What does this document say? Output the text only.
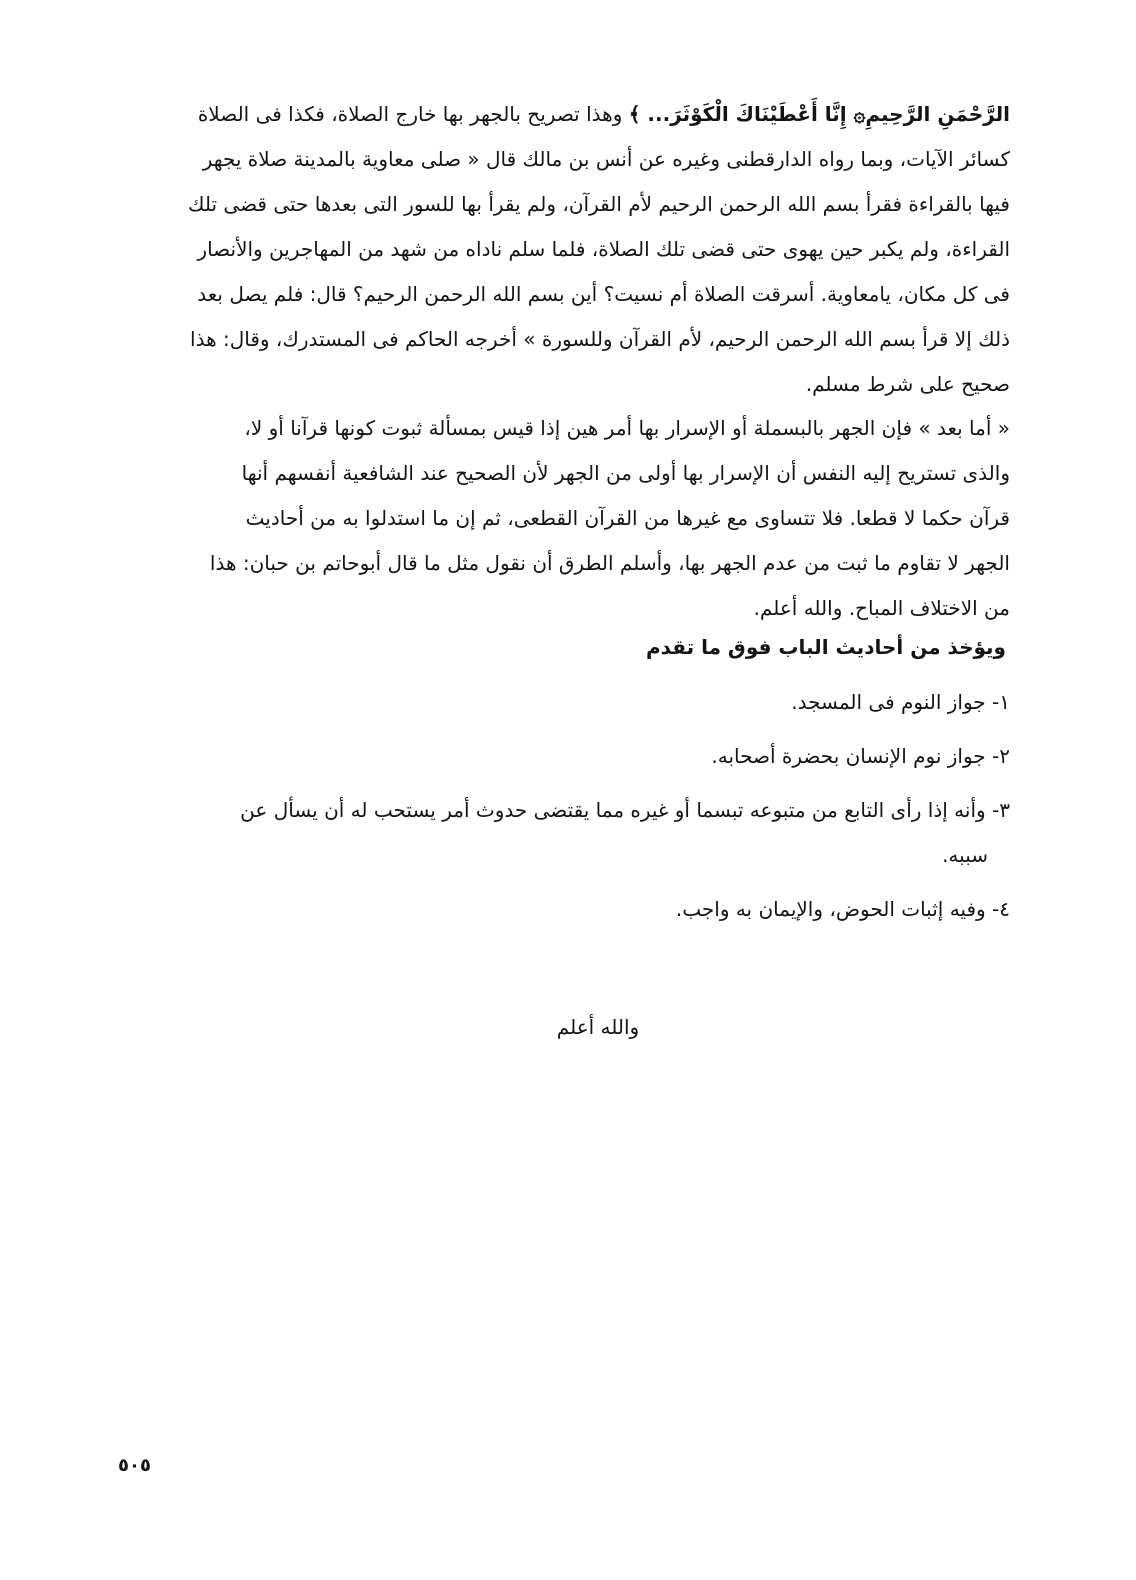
الرَّحْمَنِ الرَّحِيمِ۞ إِنَّا أَعْطَيْنَاكَ الْكَوْثَرَ... ﴾ وهذا تصريح بالجهر بها خارج الصلاة، فكذا فى الصلاة
كسائر الآيات، وبما رواه الدارقطنى وغيره عن أنس بن مالك قال « صلى معاوية بالمدينة صلاة يجهر
فيها بالقراءة فقرأ بسم الله الرحمن الرحيم لأم القرآن، ولم يقرأ بها للسور التى بعدها حتى قضى تلك
القراءة، ولم يكبر حين يهوى حتى قضى تلك الصلاة، فلما سلم ناداه من شهد من المهاجرين والأنصار
فى كل مكان، يامعاوية. أسرقت الصلاة أم نسيت؟ أين بسم الله الرحمن الرحيم؟ قال: فلم يصل بعد
ذلك إلا قرأ بسم الله الرحمن الرحيم، لأم القرآن وللسورة » أخرجه الحاكم فى المستدرك، وقال: هذا
صحيح على شرط مسلم.
« أما بعد » فإن الجهر بالبسملة أو الإسرار بها أمر هين إذا قيس بمسألة ثبوت كونها قرآنا أو لا،
والذى تستريح إليه النفس أن الإسرار بها أولى من الجهر لأن الصحيح عند الشافعية أنفسهم أنها
قرآن حكما لا قطعا. فلا تتساوى مع غيرها من القرآن القطعى، ثم إن ما استدلوا به من أحاديث
الجهر لا تقاوم ما ثبت من عدم الجهر بها، وأسلم الطرق أن نقول مثل ما قال أبوحاتم بن حبان: هذا
من الاختلاف المباح. والله أعلم.
ويؤخذ من أحاديث الباب فوق ما تقدم
١- جواز النوم فى المسجد.
٢- جواز نوم الإنسان بحضرة أصحابه.
٣- وأنه إذا رأى التابع من متبوعه تبسما أو غيره مما يقتضى حدوث أمر يستحب له أن يسأل عن
سببه.
٤- وفيه إثبات الحوض، والإيمان به واجب.
والله أعلم
٥٠٥
